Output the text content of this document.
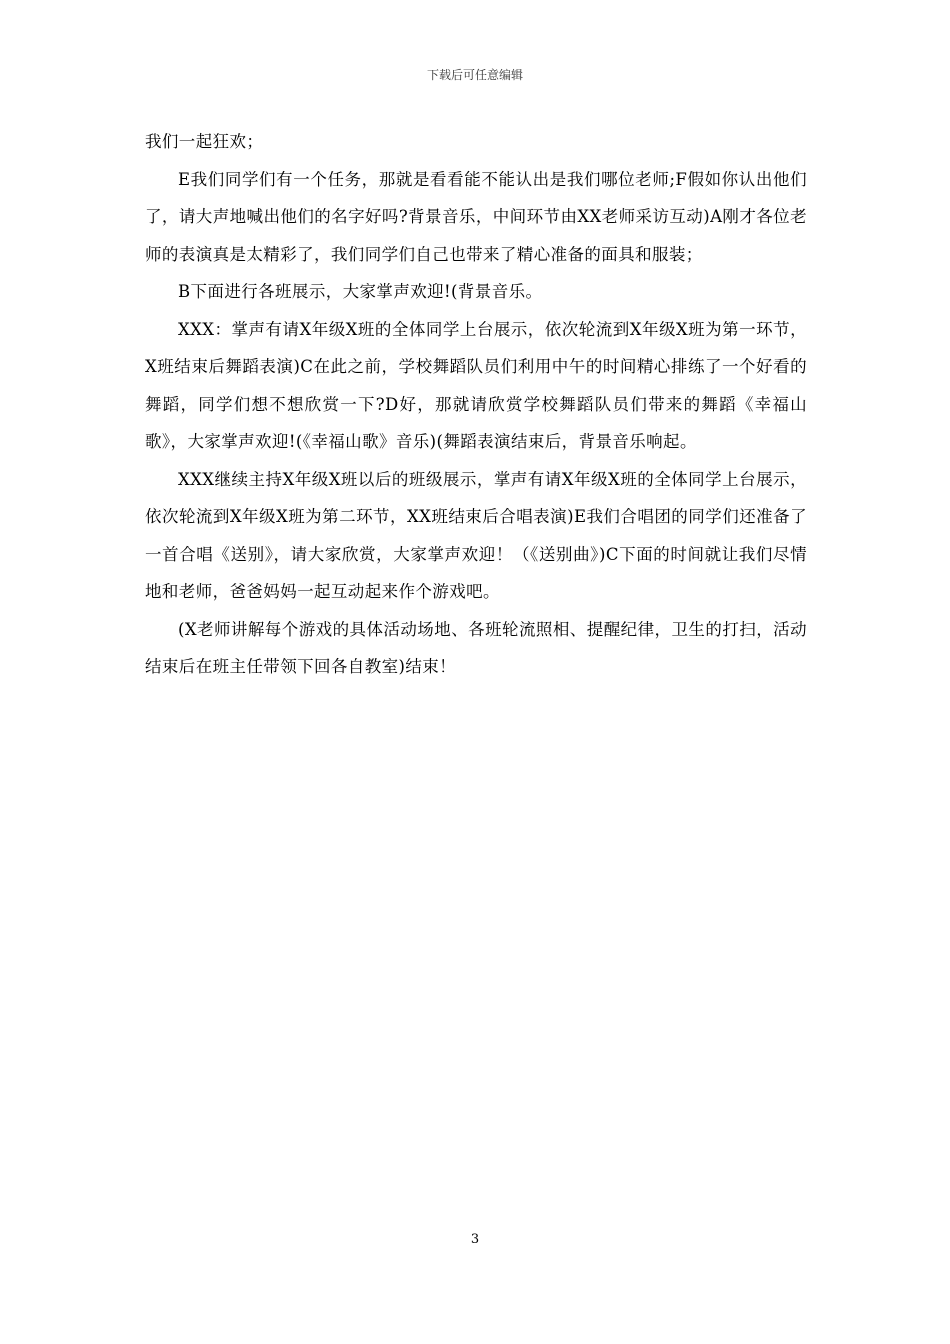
下载后可任意编辑

我们一起狂欢；

E我们同学们有一个任务，那就是看看能不能认出是我们哪位老师;F假如你认出他们了，请大声地喊出他们的名字好吗?背景音乐，中间环节由XX老师采访互动)A刚才各位老师的表演真是太精彩了，我们同学们自己也带来了精心准备的面具和服装；

B下面进行各班展示，大家掌声欢迎!(背景音乐。

XXX：掌声有请X年级X班的全体同学上台展示，依次轮流到X年级X班为第一环节，X班结束后舞蹈表演)C在此之前，学校舞蹈队员们利用中午的时间精心排练了一个好看的舞蹈，同学们想不想欣赏一下?D好，那就请欣赏学校舞蹈队员们带来的舞蹈《幸福山歌》，大家掌声欢迎!(《幸福山歌》音乐)(舞蹈表演结束后，背景音乐响起。

XXX继续主持X年级X班以后的班级展示，掌声有请X年级X班的全体同学上台展示，依次轮流到X年级X班为第二环节，XX班结束后合唱表演)E我们合唱团的同学们还准备了一首合唱《送别》，请大家欣赏，大家掌声欢迎！（《送别曲》)C下面的时间就让我们尽情地和老师，爸爸妈妈一起互动起来作个游戏吧。

(X老师讲解每个游戏的具体活动场地、各班轮流照相、提醒纪律，卫生的打扫，活动结束后在班主任带领下回各自教室)结束！

3
